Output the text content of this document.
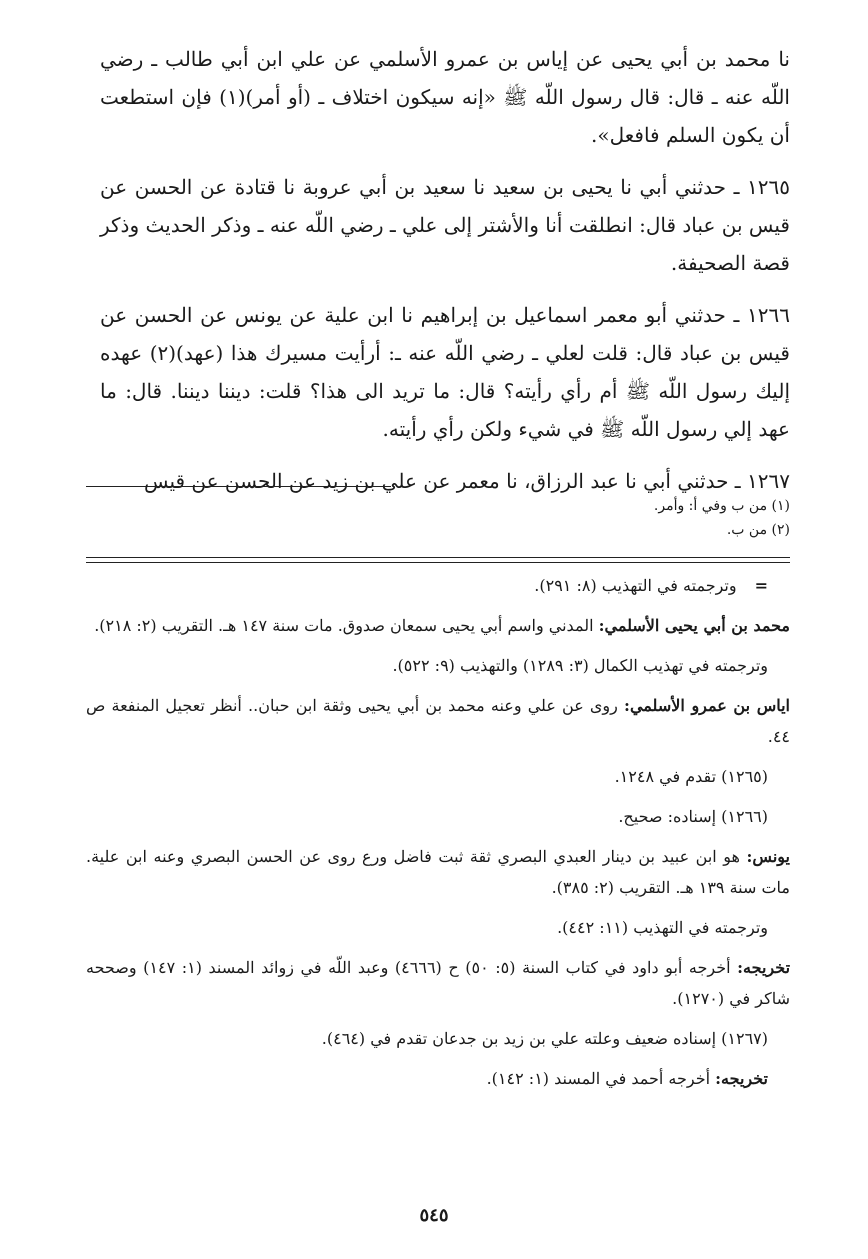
نا محمد بن أبي يحيى عن إياس بن عمرو الأسلمي عن علي ابن أبي طالب ـ رضي اللّه عنه ـ قال: قال رسول اللّه ﷺ «إنه سيكون اختلاف ـ (أو أمر)(١) فإن استطعت أن يكون السلم فافعل».

١٢٦٥ ـ حدثني أبي نا يحيى بن سعيد نا سعيد بن أبي عروبة نا قتادة عن الحسن عن قيس بن عباد قال: انطلقت أنا والأشتر إلى علي ـ رضي اللّه عنه ـ وذكر الحديث وذكر قصة الصحيفة.

١٢٦٦ ـ حدثني أبو معمر اسماعيل بن إبراهيم نا ابن علية عن يونس عن الحسن عن قيس بن عباد قال: قلت لعلي ـ رضي اللّه عنه ـ: أرأيت مسيرك هذا (عهد)(٢) عهده إليك رسول اللّه ﷺ أم رأي رأيته؟ قال: ما تريد الى هذا؟ قلت: ديننا ديننا. قال: ما عهد إلي رسول اللّه ﷺ في شيء ولكن رأي رأيته.

١٢٦٧ ـ حدثني أبي نا عبد الرزاق، نا معمر عن علي بن زيد عن الحسن عن قيس

(١) من ب وفي أ: وأمر.

(٢) من ب.

=وترجمته في التهذيب (٨: ٢٩١).

محمد بن أبي يحيى الأسلمي: المدني واسم أبي يحيى سمعان صدوق. مات سنة ١٤٧ هـ. التقريب (٢: ٢١٨).

وترجمته في تهذيب الكمال (٣: ١٢٨٩) والتهذيب (٩: ٥٢٢).

اياس بن عمرو الأسلمي: روى عن علي وعنه محمد بن أبي يحيى وثقة ابن حبان.. أنظر تعجيل المنفعة ص ٤٤.

(١٢٦٥) تقدم في ١٢٤٨.

(١٢٦٦) إسناده: صحيح.

يونس: هو ابن عبيد بن دينار العبدي البصري ثقة ثبت فاضل ورع روى عن الحسن البصري وعنه ابن علية. مات سنة ١٣٩ هـ. التقريب (٢: ٣٨٥).

وترجمته في التهذيب (١١: ٤٤٢).

تخريجه: أخرجه أبو داود في كتاب السنة (٥: ٥٠) ح (٤٦٦٦) وعبد اللّه في زوائد المسند (١: ١٤٧) وصححه شاكر في (١٢٧٠).

(١٢٦٧) إسناده ضعيف وعلته علي بن زيد بن جدعان تقدم في (٤٦٤).

تخريجه: أخرجه أحمد في المسند (١: ١٤٢).

٥٤٥
